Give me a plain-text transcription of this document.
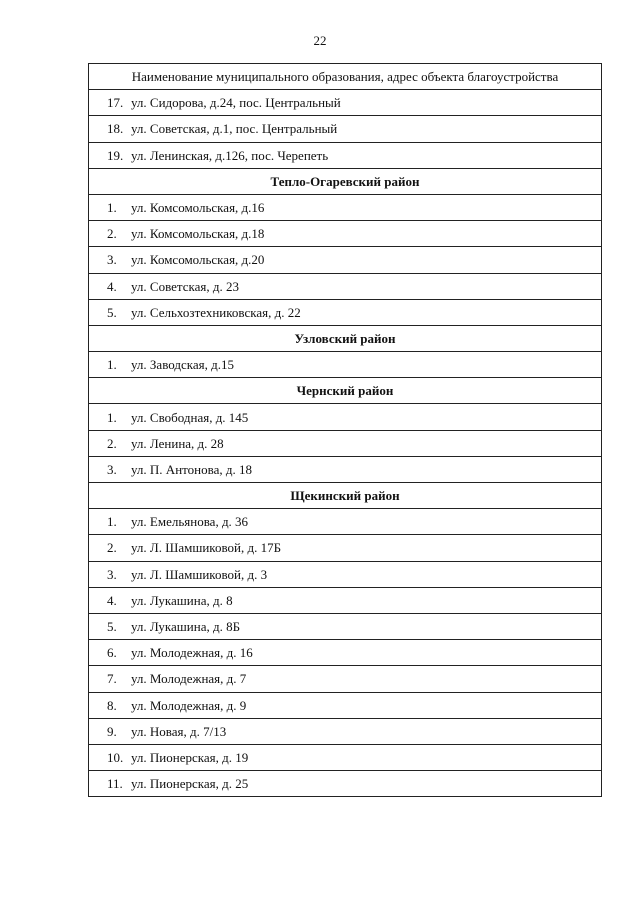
22
Наименование муниципального образования, адрес объекта благоустройства
17. ул. Сидорова, д.24, пос. Центральный
18. ул. Советская, д.1, пос. Центральный
19. ул. Ленинская, д.126, пос. Черепеть
Тепло-Огаревский район
1. ул. Комсомольская, д.16
2. ул. Комсомольская, д.18
3. ул. Комсомольская, д.20
4. ул. Советская, д. 23
5. ул. Сельхозтехниковская, д. 22
Узловский район
1. ул. Заводская, д.15
Чернский район
1. ул. Свободная, д. 145
2. ул. Ленина, д. 28
3. ул. П. Антонова, д. 18
Щекинский район
1. ул. Емельянова, д. 36
2. ул. Л. Шамшиковой, д. 17Б
3. ул. Л. Шамшиковой, д. 3
4. ул. Лукашина, д. 8
5. ул. Лукашина, д. 8Б
6. ул. Молодежная, д. 16
7. ул. Молодежная, д. 7
8. ул. Молодежная, д. 9
9. ул. Новая, д. 7/13
10. ул. Пионерская, д. 19
11. ул. Пионерская, д. 25
